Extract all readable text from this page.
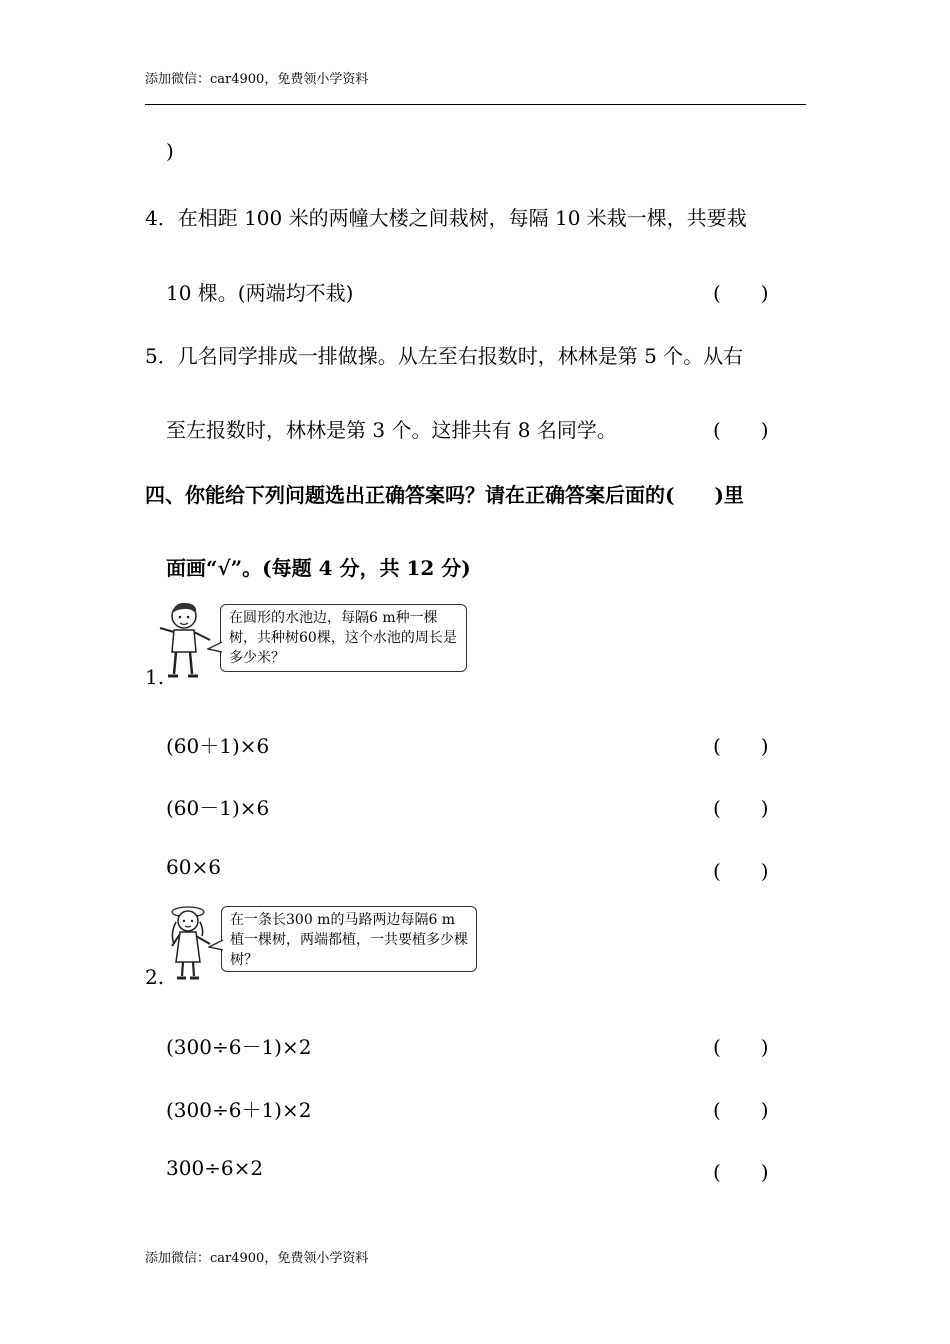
添加微信：car4900，免费领小学资料
)
4．在相距 100 米的两幢大楼之间栽树，每隔 10 米栽一棵，共要栽
10 棵。(两端均不栽)	(　　)
5．几名同学排成一排做操。从左至右报数时，林林是第 5 个。从右
至左报数时，林林是第 3 个。这排共有 8 名同学。	(　　)
四、你能给下列问题选出正确答案吗？请在正确答案后面的(　　)里
面画“√”。(每题 4 分，共 12 分)
在圆形的水池边，每隔6 m种一棵树，共种树60棵，这个水池的周长是多少米？
1.
(60＋1)×6	(　　)
(60－1)×6	(　　)
60×6	(　　)
在一条长300 m的马路两边每隔6 m植一棵树，两端都植，一共要植多少棵树？
2.
(300÷6－1)×2	(　　)
(300÷6＋1)×2	(　　)
300÷6×2	(　　)
添加微信：car4900，免费领小学资料
